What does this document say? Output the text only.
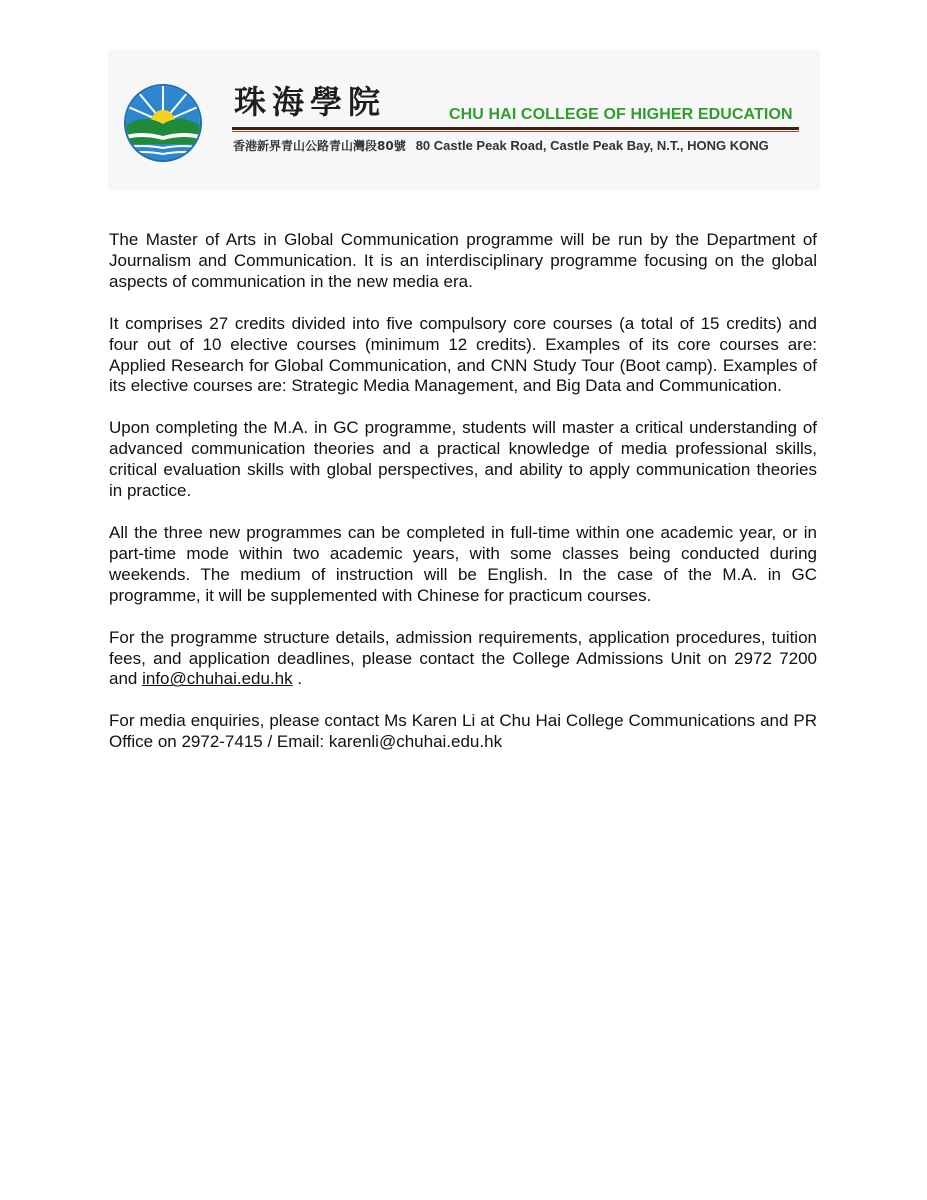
珠海學院	CHU HAI COLLEGE OF HIGHER EDUCATION
香港新界青山公路青山灣段80號 80 Castle Peak Road, Castle Peak Bay, N.T., HONG KONG

The Master of Arts in Global Communication programme will be run by the Department of Journalism and Communication. It is an interdisciplinary programme focusing on the global aspects of communication in the new media era.

It comprises 27 credits divided into five compulsory core courses (a total of 15 credits) and four out of 10 elective courses (minimum 12 credits). Examples of its core courses are: Applied Research for Global Communication, and CNN Study Tour (Boot camp). Examples of its elective courses are: Strategic Media Management, and Big Data and Communication.

Upon completing the M.A. in GC programme, students will master a critical understanding of advanced communication theories and a practical knowledge of media professional skills, critical evaluation skills with global perspectives, and ability to apply communication theories in practice.

All the three new programmes can be completed in full-time within one academic year, or in part-time mode within two academic years, with some classes being conducted during weekends. The medium of instruction will be English. In the case of the M.A. in GC programme, it will be supplemented with Chinese for practicum courses.

For the programme structure details, admission requirements, application procedures, tuition fees, and application deadlines, please contact the College Admissions Unit on 2972 7200 and info@chuhai.edu.hk .

For media enquiries, please contact Ms Karen Li at Chu Hai College Communications and PR Office on 2972-7415 / Email: karenli@chuhai.edu.hk
